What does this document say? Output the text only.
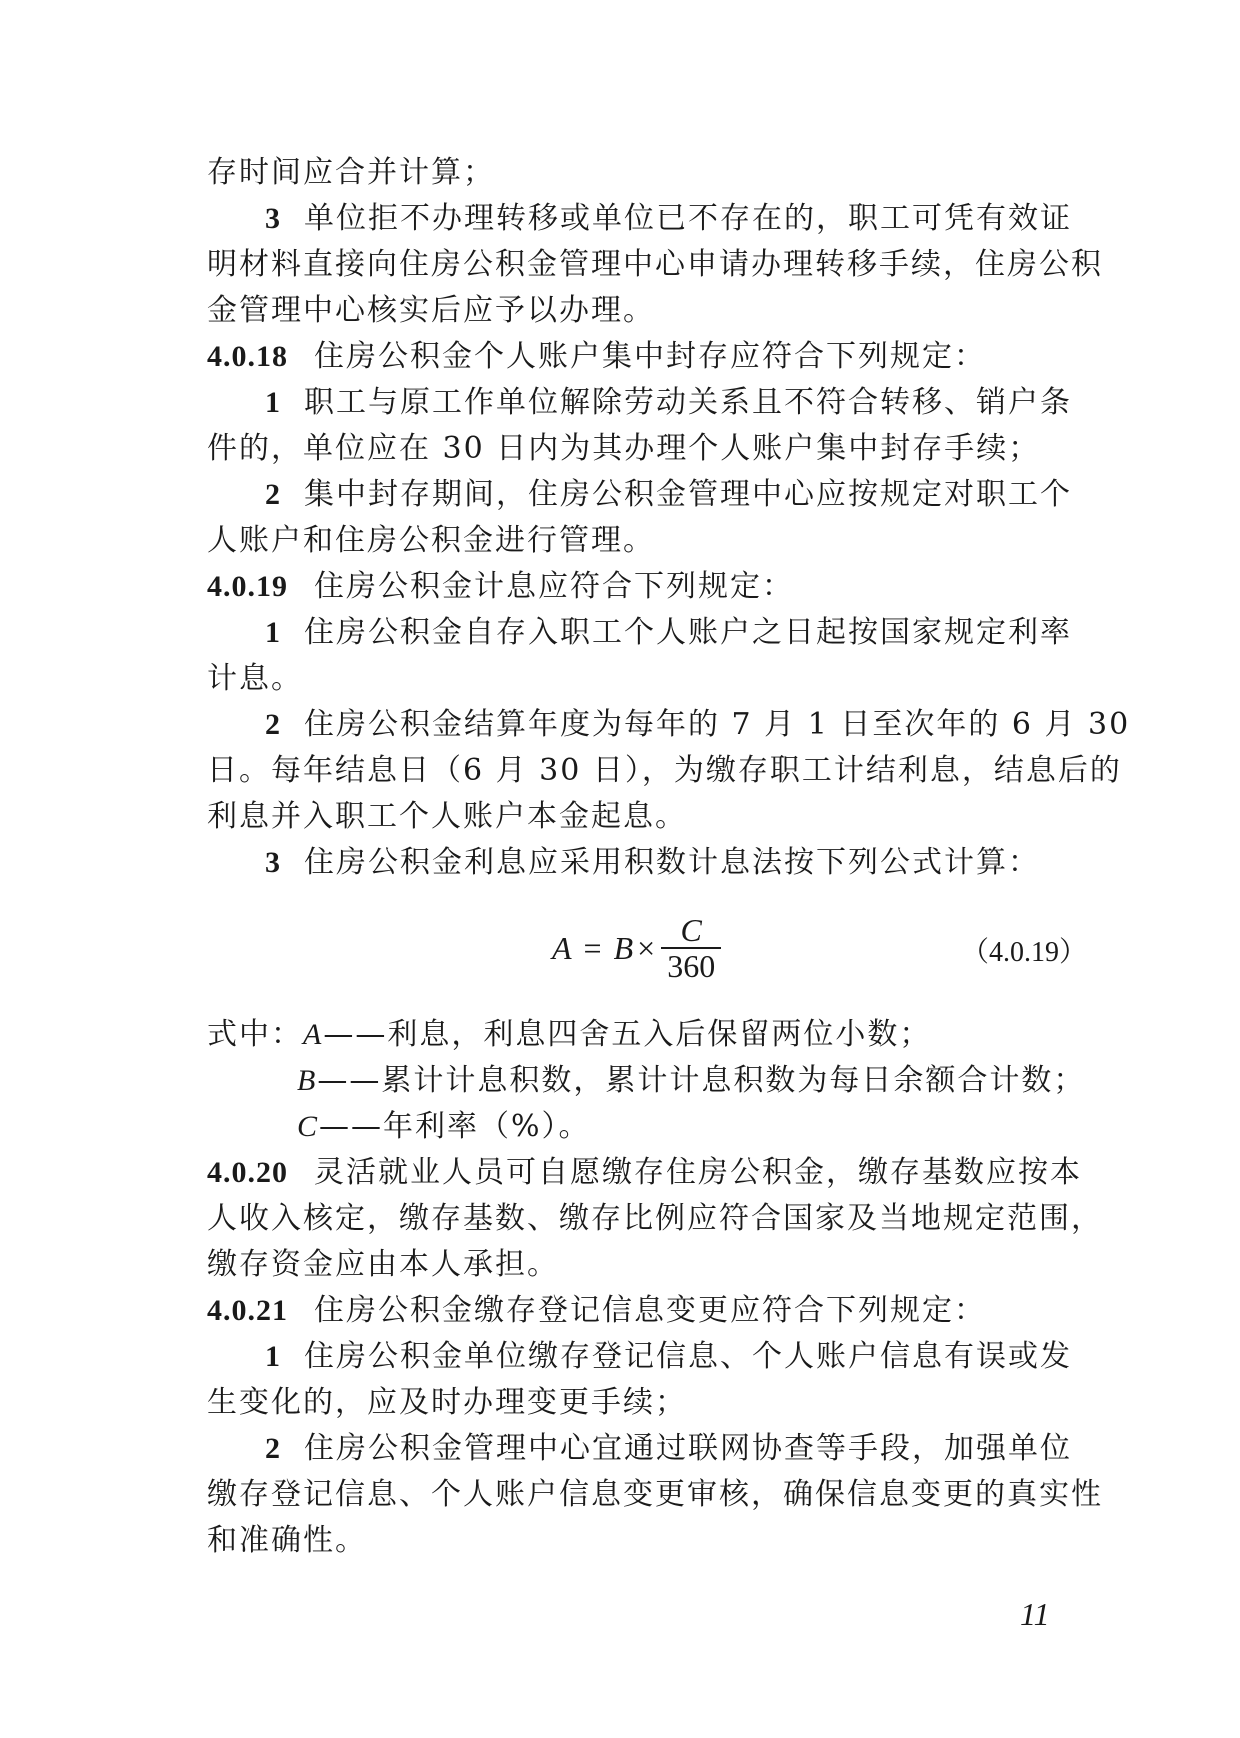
存时间应合并计算；
3 单位拒不办理转移或单位已不存在的，职工可凭有效证
明材料直接向住房公积金管理中心申请办理转移手续，住房公积
金管理中心核实后应予以办理。
4.0.18 住房公积金个人账户集中封存应符合下列规定：
1 职工与原工作单位解除劳动关系且不符合转移、销户条
件的，单位应在 30 日内为其办理个人账户集中封存手续；
2 集中封存期间，住房公积金管理中心应按规定对职工个
人账户和住房公积金进行管理。
4.0.19 住房公积金计息应符合下列规定：
1 住房公积金自存入职工个人账户之日起按国家规定利率
计息。
2 住房公积金结算年度为每年的 7 月 1 日至次年的 6 月 30
日。每年结息日（6 月 30 日），为缴存职工计结利息，结息后的
利息并入职工个人账户本金起息。
3 住房公积金利息应采用积数计息法按下列公式计算：
$A = B \times \frac{C}{360}$	（4.0.19）
式中：A——利息，利息四舍五入后保留两位小数；
B——累计计息积数，累计计息积数为每日余额合计数；
C——年利率（%）。
4.0.20 灵活就业人员可自愿缴存住房公积金，缴存基数应按本
人收入核定，缴存基数、缴存比例应符合国家及当地规定范围，
缴存资金应由本人承担。
4.0.21 住房公积金缴存登记信息变更应符合下列规定：
1 住房公积金单位缴存登记信息、个人账户信息有误或发
生变化的，应及时办理变更手续；
2 住房公积金管理中心宜通过联网协查等手段，加强单位
缴存登记信息、个人账户信息变更审核，确保信息变更的真实性
和准确性。
11
